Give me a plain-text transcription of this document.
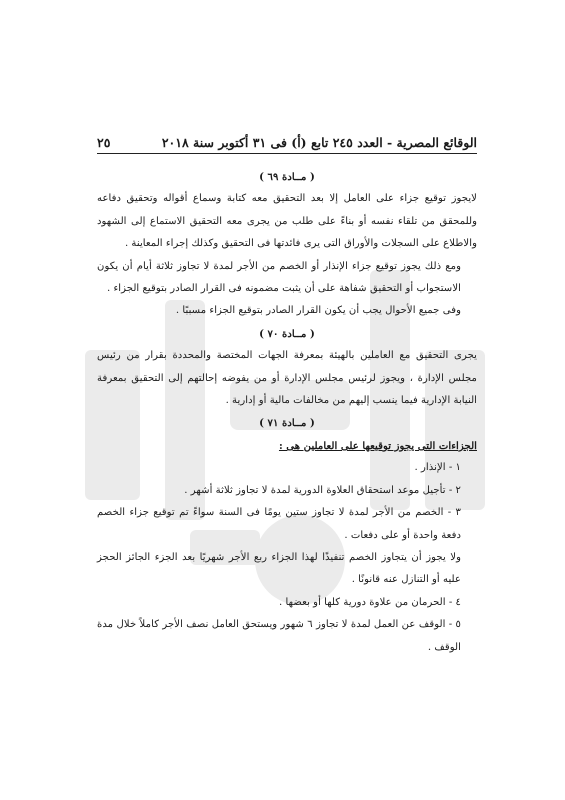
الوقائع المصرية - العدد ٢٤٥ تابع (أ) فى ٣١ أكتوبر سنة ٢٠١٨
٢٥

( مــادة ٦٩ )

لايجوز توقيع جزاء على العامل إلا بعد التحقيق معه كتابة وسماع أقواله وتحقيق دفاعه وللمحقق من تلقاء نفسه أو بناءً على طلب من يجرى معه التحقيق الاستماع إلى الشهود والاطلاع على السجلات والأوراق التى يرى فائدتها فى التحقيق وكذلك إجراء المعاينة .

ومع ذلك يجوز توقيع جزاء الإنذار أو الخصم من الأجر لمدة لا تجاوز ثلاثة أيام أن يكون الاستجواب أو التحقيق شفاهة على أن يثبت مضمونه فى القرار الصادر بتوقيع الجزاء .

وفى جميع الأحوال يجب أن يكون القرار الصادر بتوقيع الجزاء مسببًا .

( مــادة ٧٠ )

يجرى التحقيق مع العاملين بالهيئة بمعرفة الجهات المختصة والمحددة بقرار من رئيس مجلس الإدارة ، ويجوز لرئيس مجلس الإدارة أو من يفوضه إحالتهم إلى التحقيق بمعرفة النيابة الإدارية فيما ينسب إليهم من مخالفات مالية أو إدارية .

( مــادة ٧١ )

الجزاءات التى يجوز توقيعها على العاملين هى :

١ - الإنذار .

٢ - تأجيل موعد استحقاق العلاوة الدورية لمدة لا تجاوز ثلاثة أشهر .

٣ - الخصم من الأجر لمدة لا تجاوز ستين يومًا فى السنة سواءً تم توقيع جزاء الخصم دفعة واحدة أو على دفعات .

ولا يجوز أن يتجاوز الخصم تنفيذًا لهذا الجزاء ربع الأجر شهريًا بعد الجزء الجائز الحجز عليه أو التنازل عنه قانونًا .

٤ - الحرمان من علاوة دورية كلها أو بعضها .

٥ - الوقف عن العمل لمدة لا تجاوز ٦ شهور ويستحق العامل نصف الأجر كاملاً خلال مدة الوقف .
